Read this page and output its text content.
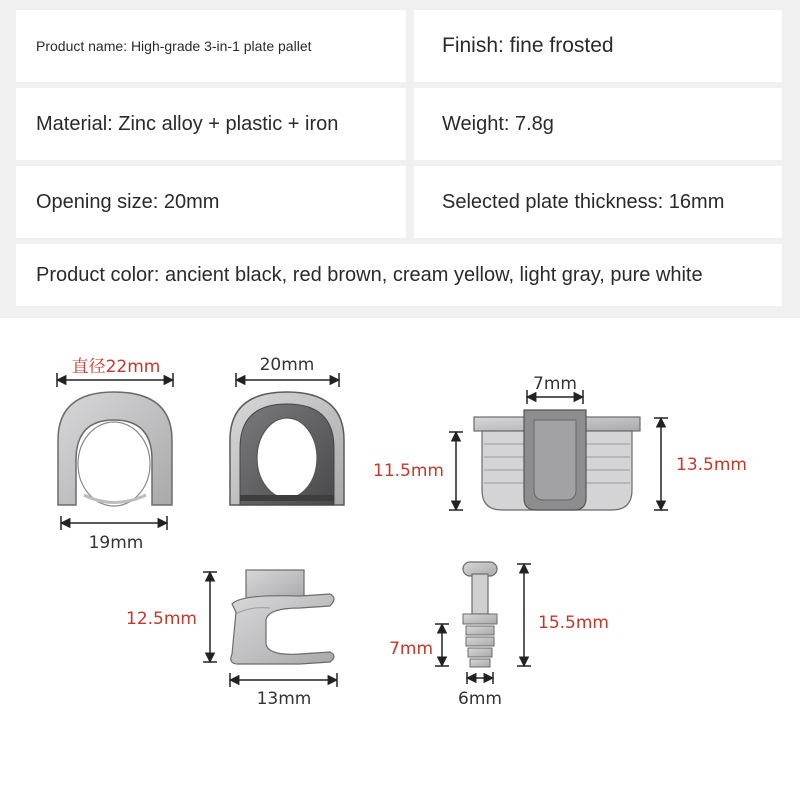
Product name: High-grade 3-in-1 plate pallet	Finish: fine frosted
Material: Zinc alloy + plastic + iron	Weight: 7.8g
Opening size: 20mm	Selected plate thickness: 16mm
Product color: ancient black, red brown, cream yellow, light gray, pure white
直径22mm
19mm
20mm
7mm
11.5mm	13.5mm
12.5mm
13mm
7mm
15.5mm
6mm
